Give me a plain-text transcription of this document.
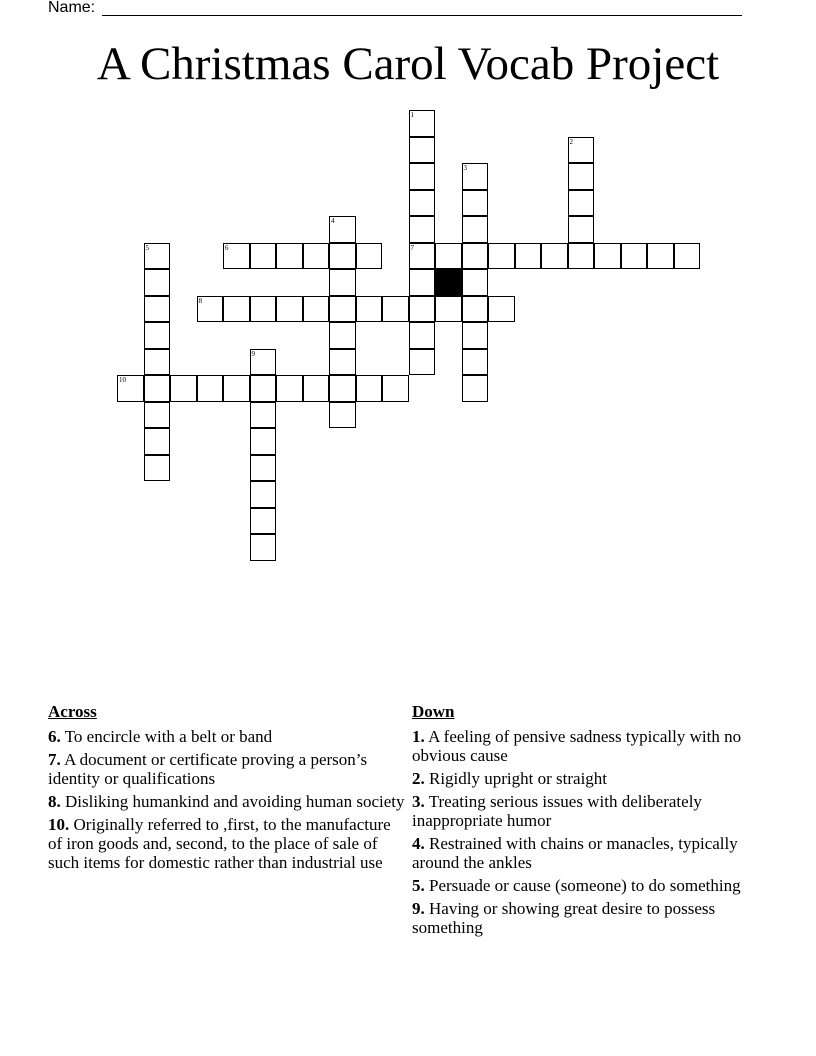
Name:
A Christmas Carol Vocab Project
1
7
2
3
4
5	6
8
9
10
Across
6. To encircle with a belt or band
7. A document or certificate proving a person’s identity or qualifications
8. Disliking humankind and avoiding human society
10. Originally referred to ,first, to the manufacture of iron goods and, second, to the place of sale of such items for domestic rather than industrial use
Down
1. A feeling of pensive sadness typically with no obvious cause
2. Rigidly upright or straight
3. Treating serious issues with deliberately inappropriate humor
4. Restrained with chains or manacles, typically around the ankles
5. Persuade or cause (someone) to do something
9. Having or showing great desire to possess something
